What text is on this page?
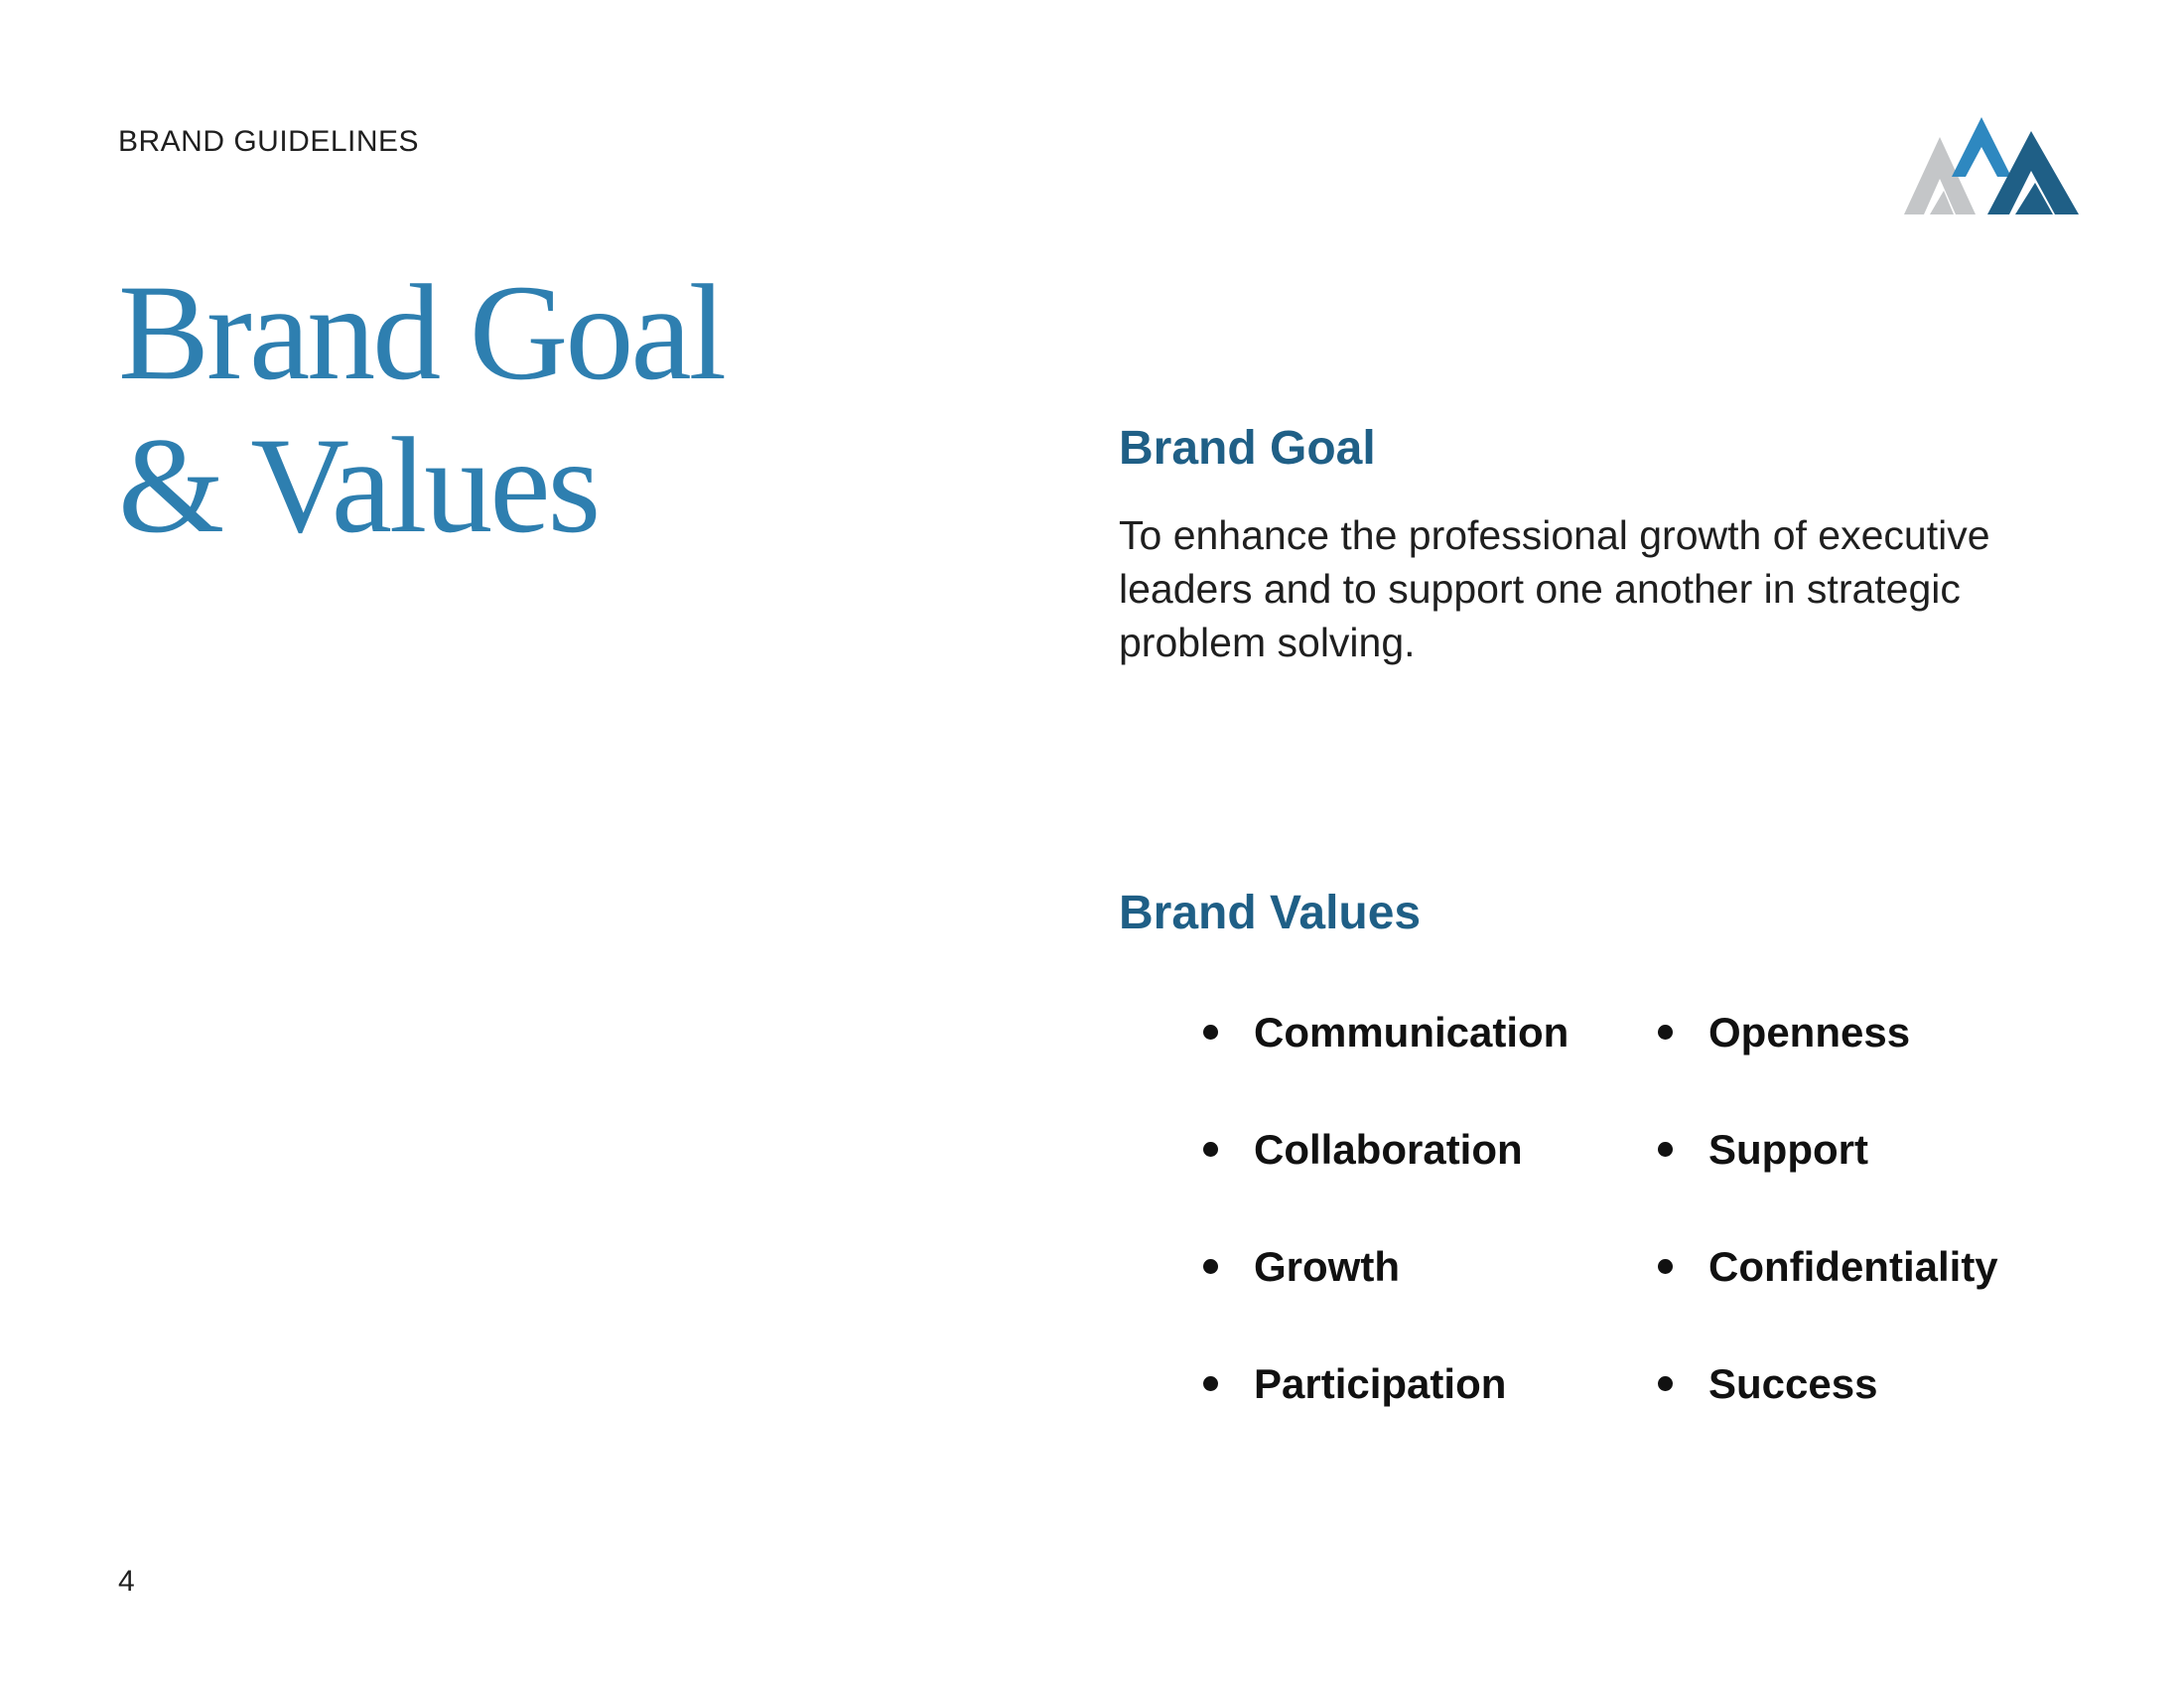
BRAND GUIDELINES
Brand Goal
& Values	Brand Goal

To enhance the professional growth of executive leaders and to support one another in strategic problem solving.

Brand Values
Communication	Openness
Collaboration	Support
Growth	Confidentiality
Participation	Success
4
